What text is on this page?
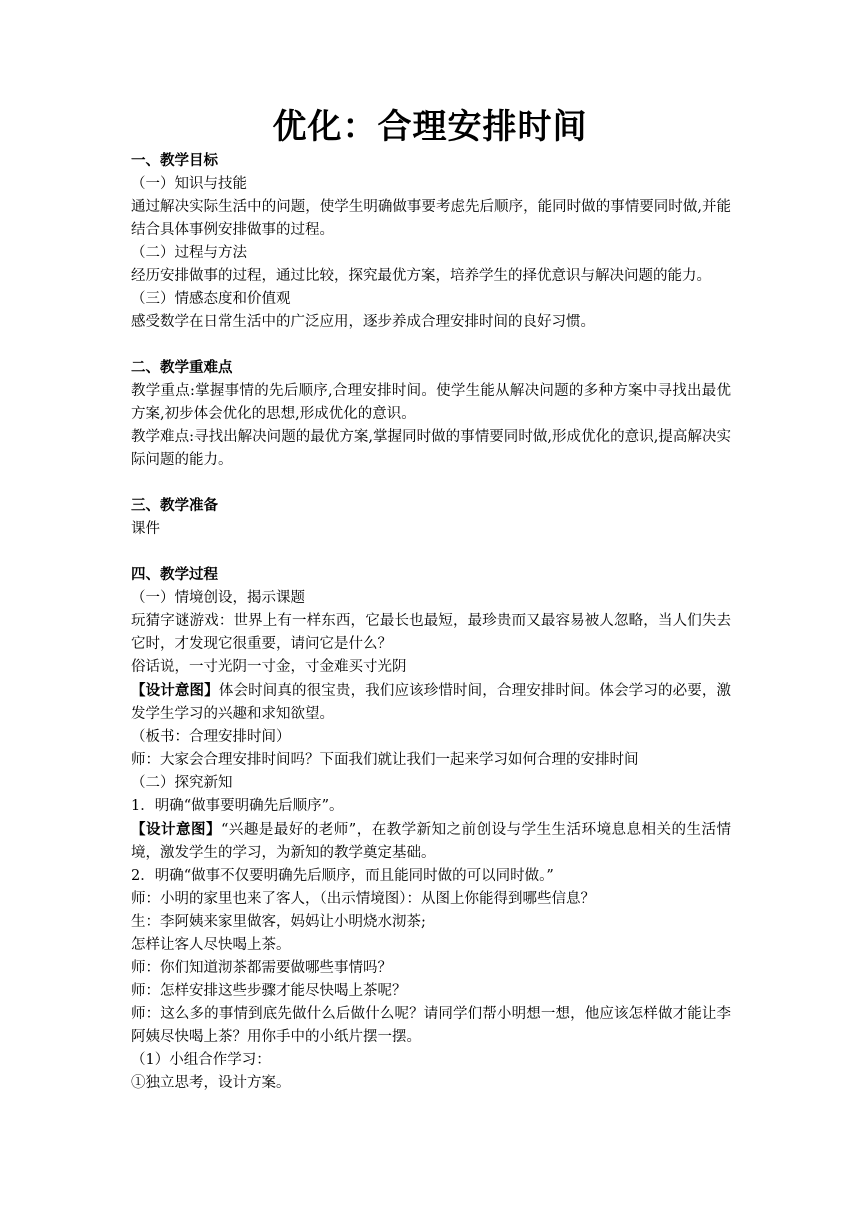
优化：合理安排时间

一、教学目标

（一）知识与技能

通过解决实际生活中的问题，使学生明确做事要考虑先后顺序，能同时做的事情要同时做,并能结合具体事例安排做事的过程。

（二）过程与方法

经历安排做事的过程，通过比较，探究最优方案，培养学生的择优意识与解决问题的能力。

（三）情感态度和价值观

感受数学在日常生活中的广泛应用，逐步养成合理安排时间的良好习惯。

二、教学重难点

教学重点:掌握事情的先后顺序,合理安排时间。使学生能从解决问题的多种方案中寻找出最优方案,初步体会优化的思想,形成优化的意识。

教学难点:寻找出解决问题的最优方案,掌握同时做的事情要同时做,形成优化的意识,提高解决实际问题的能力。

三、教学准备

课件

四、教学过程

（一）情境创设，揭示课题

玩猜字谜游戏：世界上有一样东西，它最长也最短，最珍贵而又最容易被人忽略，当人们失去它时，才发现它很重要，请问它是什么？

俗话说，一寸光阴一寸金，寸金难买寸光阴

【设计意图】体会时间真的很宝贵，我们应该珍惜时间，合理安排时间。体会学习的必要，激发学生学习的兴趣和求知欲望。

（板书：合理安排时间）

师：大家会合理安排时间吗？下面我们就让我们一起来学习如何合理的安排时间

（二）探究新知

1．明确“做事要明确先后顺序”。

【设计意图】“兴趣是最好的老师”，在教学新知之前创设与学生生活环境息息相关的生活情境，激发学生的学习，为新知的教学奠定基础。

2．明确“做事不仅要明确先后顺序，而且能同时做的可以同时做。”

师：小明的家里也来了客人，（出示情境图）：从图上你能得到哪些信息？

生：李阿姨来家里做客，妈妈让小明烧水沏茶;

怎样让客人尽快喝上茶。

师：你们知道沏茶都需要做哪些事情吗？

师：怎样安排这些步骤才能尽快喝上茶呢？

师：这么多的事情到底先做什么后做什么呢？请同学们帮小明想一想，他应该怎样做才能让李阿姨尽快喝上茶？用你手中的小纸片摆一摆。

（1）小组合作学习：

①独立思考，设计方案。
